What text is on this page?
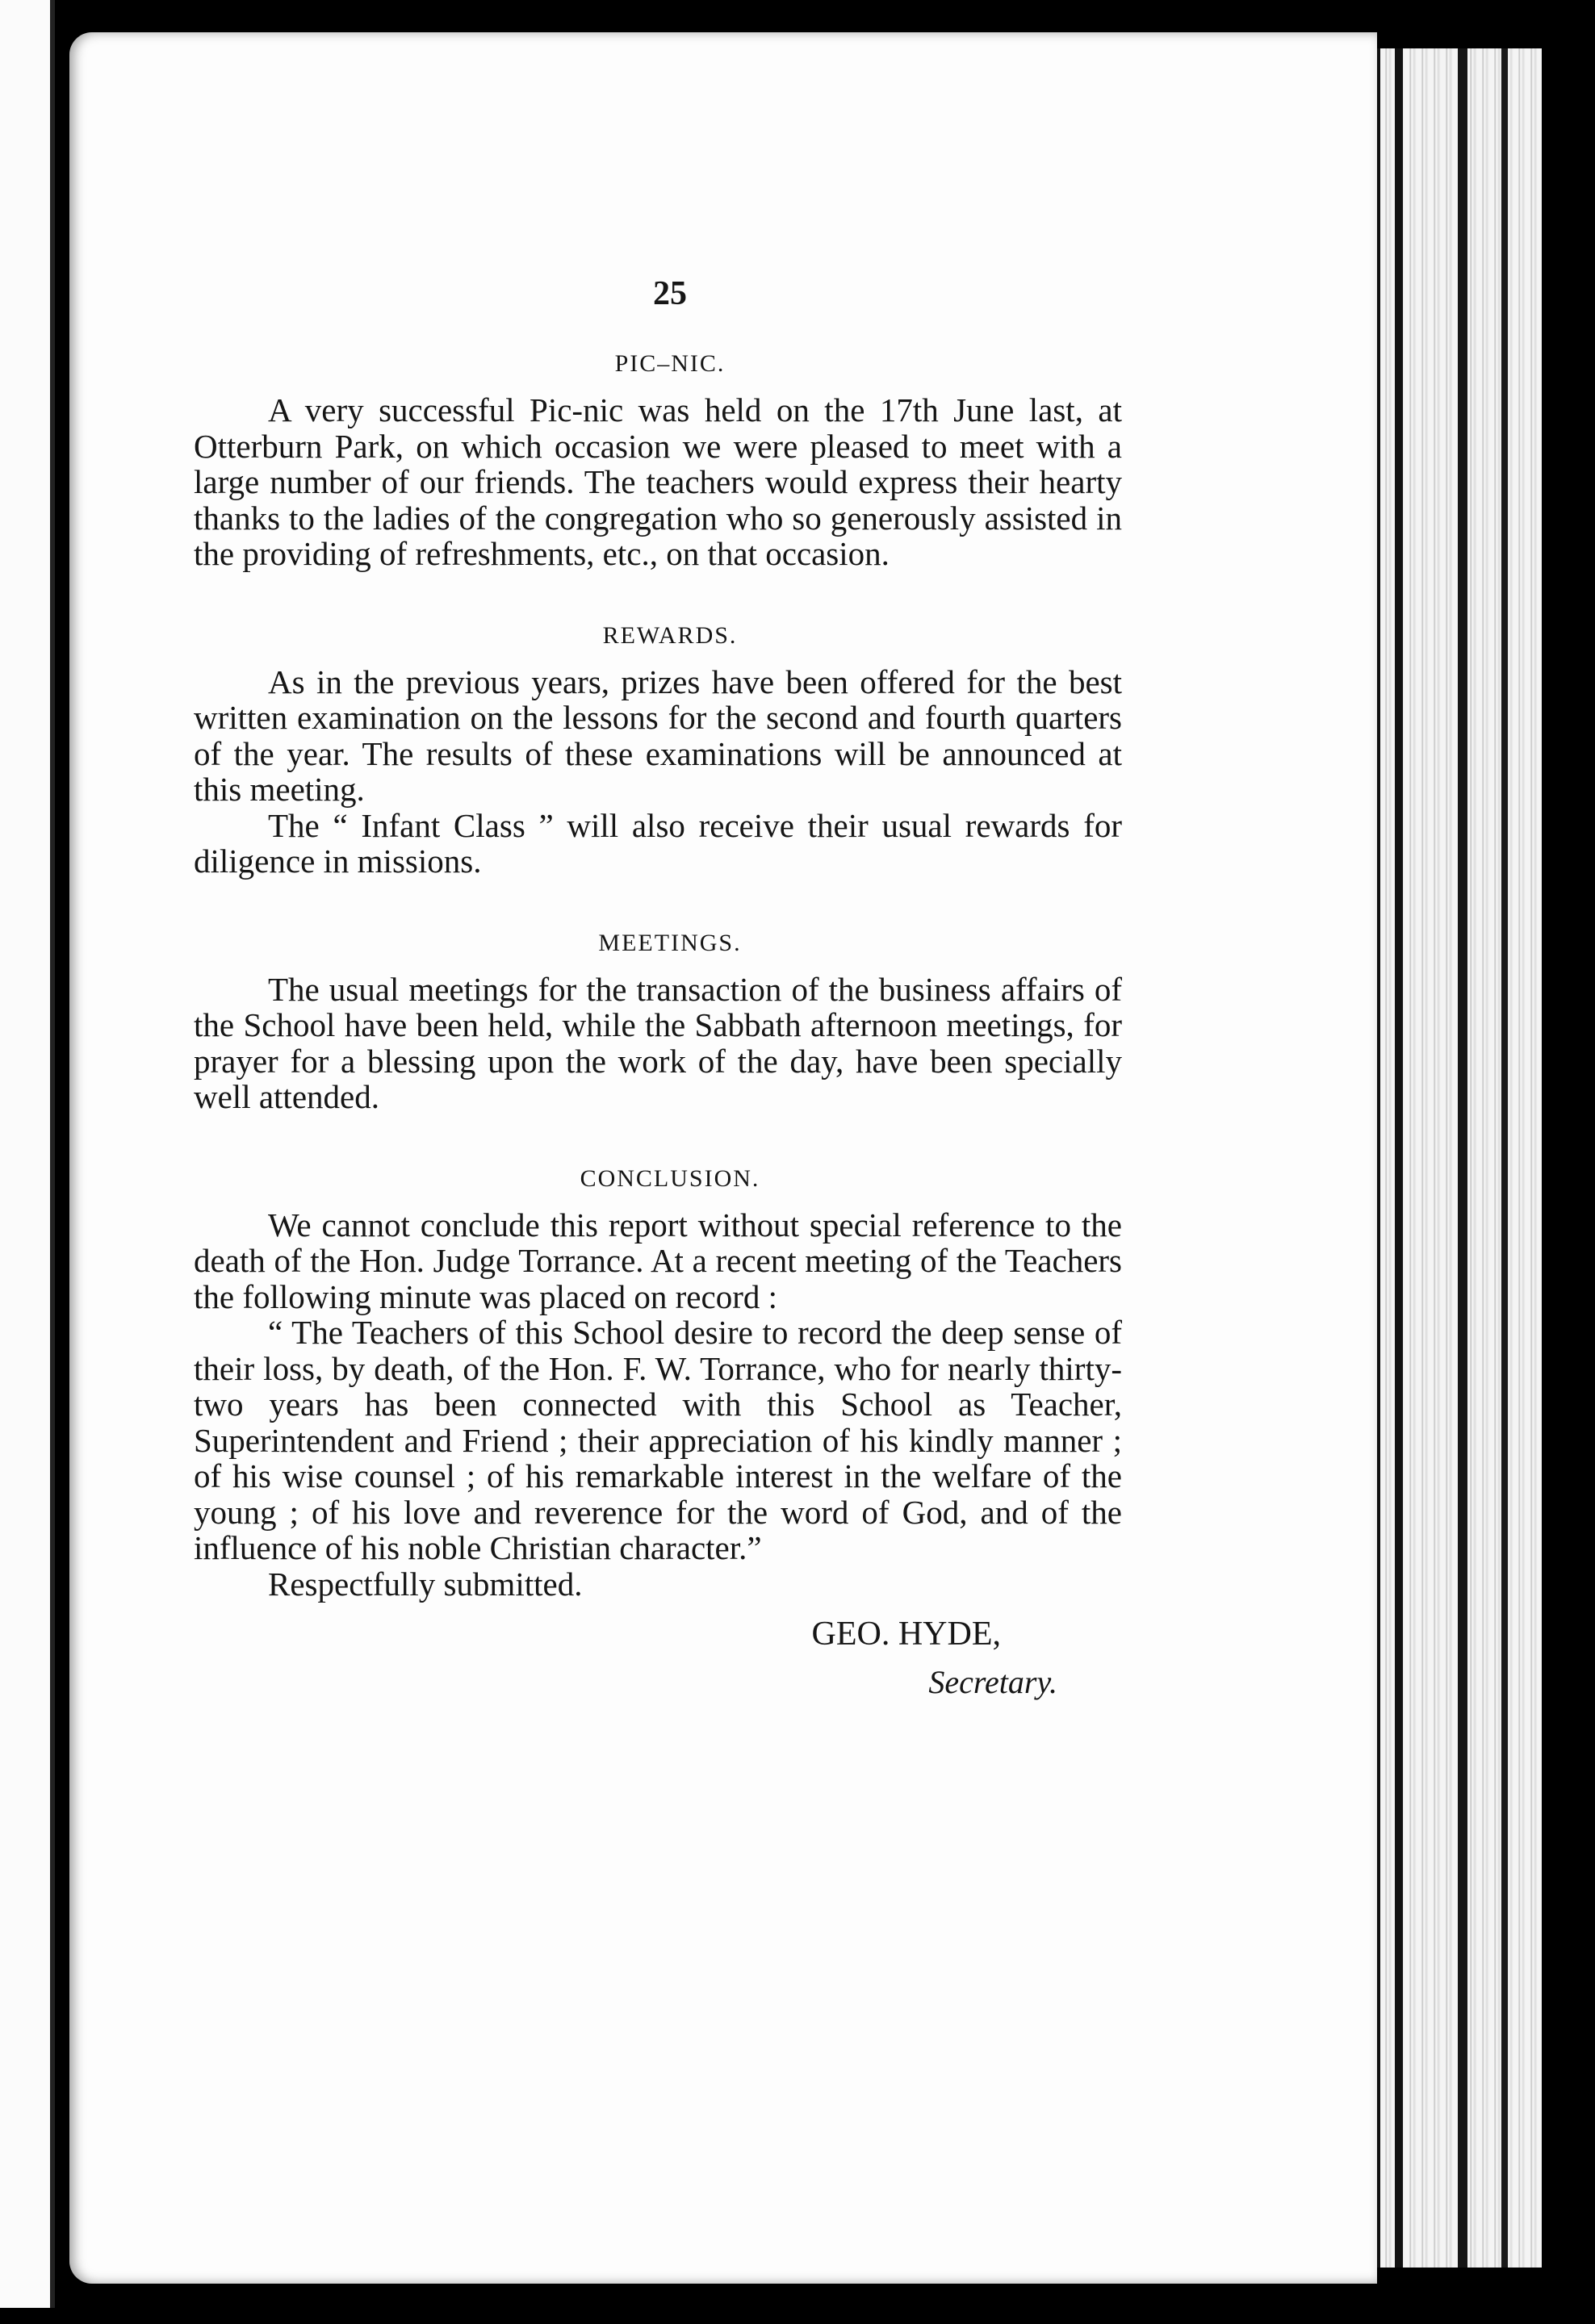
25
PIC–NIC.

A very successful Pic-nic was held on the 17th June last, at Otterburn Park, on which occasion we were pleased to meet with a large number of our friends. The teachers would express their hearty thanks to the ladies of the congregation who so generously assisted in the providing of refreshments, etc., on that occasion.

REWARDS.

As in the previous years, prizes have been offered for the best written examination on the lessons for the second and fourth quarters of the year. The results of these examinations will be announced at this meeting.

The “ Infant Class ” will also receive their usual rewards for diligence in missions.

MEETINGS.

The usual meetings for the transaction of the business affairs of the School have been held, while the Sabbath afternoon meetings, for prayer for a blessing upon the work of the day, have been specially well attended.

CONCLUSION.

We cannot conclude this report without special reference to the death of the Hon. Judge Torrance. At a recent meeting of the Teachers the following minute was placed on record :

“ The Teachers of this School desire to record the deep sense of their loss, by death, of the Hon. F. W. Torrance, who for nearly thirty-two years has been connected with this School as Teacher, Superintendent and Friend ; their appreciation of his kindly manner ; of his wise counsel ; of his remarkable interest in the welfare of the young ; of his love and reverence for the word of God, and of the influence of his noble Christian character.”

Respectfully submitted.

GEO. HYDE,
Secretary.
